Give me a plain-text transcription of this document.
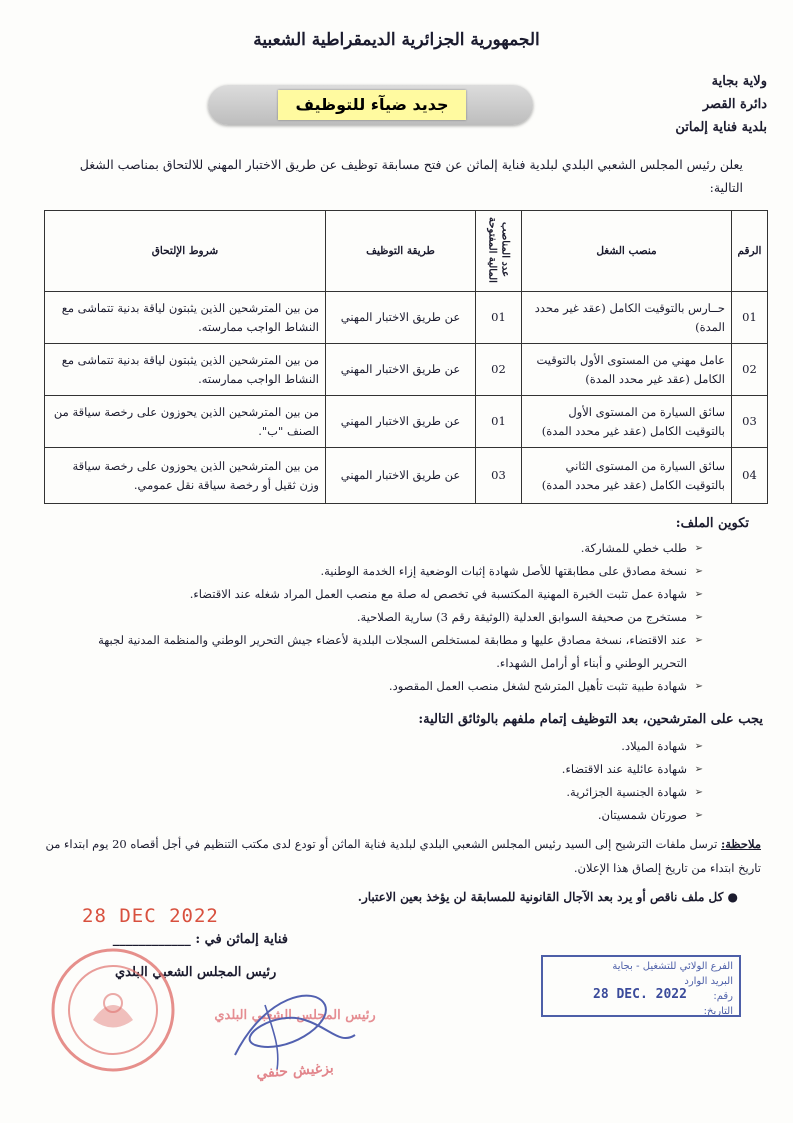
الجمهورية الجزائرية الديمقراطية الشعبية
ولاية بجاية
دائرة القصر
بلدية فناية إلماتن
جديد ضيآء للتوظيف
يعلن رئيس المجلس الشعبي البلدي لبلدية فناية إلماثن عن فتح مسابقة توظيف عن طريق الاختبار المهني للالتحاق بمناصب الشغل التالية:
الرقم	منصب الشغل	عدد المناصب المالية المفتوحة	طريقة التوظيف	شروط الإلتحاق
01	حــارس بالتوقيت الكامل (عقد غير محدد المدة)	01	عن طريق الاختبار المهني	من بين المترشحين الذين يثبتون لياقة بدنية تتماشى مع النشاط الواجب ممارسته.
02	عامل مهني من المستوى الأول بالتوقيت الكامل (عقد غير محدد المدة)	02	عن طريق الاختبار المهني	من بين المترشحين الذين يثبتون لياقة بدنية تتماشى مع النشاط الواجب ممارسته.
03	سائق السيارة من المستوى الأول بالتوقيت الكامل (عقد غير محدد المدة)	01	عن طريق الاختبار المهني	من بين المترشحين الذين يحوزون على رخصة سياقة من الصنف "ب".
04	سائق السيارة من المستوى الثاني بالتوقيت الكامل (عقد غير محدد المدة)	03	عن طريق الاختبار المهني	من بين المترشحين الذين يحوزون على رخصة سياقة وزن ثقيل أو رخصة سياقة نقل عمومي.
تكوين الملف:
➢ طلب خطي للمشاركة.
➢ نسخة مصادق على مطابقتها للأصل شهادة إثبات الوضعية إزاء الخدمة الوطنية.
➢ شهادة عمل تثبت الخبرة المهنية المكتسبة في تخصص له صلة مع منصب العمل المراد شغله عند الاقتضاء.
➢ مستخرج من صحيفة السوابق العدلية (الوثيقة رقم 3) سارية الصلاحية.
➢ عند الاقتضاء، نسخة مصادق عليها و مطابقة لمستخلص السجلات البلدية لأعضاء جيش التحرير الوطني والمنظمة المدنية لجبهة التحرير الوطني و أبناء أو أرامل الشهداء.
➢ شهادة طبية تثبت تأهيل المترشح لشغل منصب العمل المقصود.
يجب على المترشحين، بعد التوظيف إتمام ملفهم بالوثائق التالية:
➢ شهادة الميلاد.
➢ شهادة عائلية عند الاقتضاء.
➢ شهادة الجنسية الجزائرية.
➢ صورتان شمسيتان.
ملاحظة: ترسل ملفات الترشيح إلى السيد رئيس المجلس الشعبي البلدي لبلدية فناية الماثن أو تودع لدى مكتب التنظيم في أجل أقصاه 20 يوم ابتداء من تاريخ ابتداء من تاريخ إلصاق هذا الإعلان.
● كل ملف ناقص أو يرد بعد الآجال القانونية للمسابقة لن يؤخذ بعين الاعتبار.
28 DEC 2022
فناية إلماثن في : ____________
رئيس المجلس الشعبي البلدي
رئيس المجلس الشعبي البلدي
بزغيش حنفي
الفرع الولائي للتشغيل - بجاية
البريد الوارد
رقم:
التاريخ:
28 DEC. 2022
